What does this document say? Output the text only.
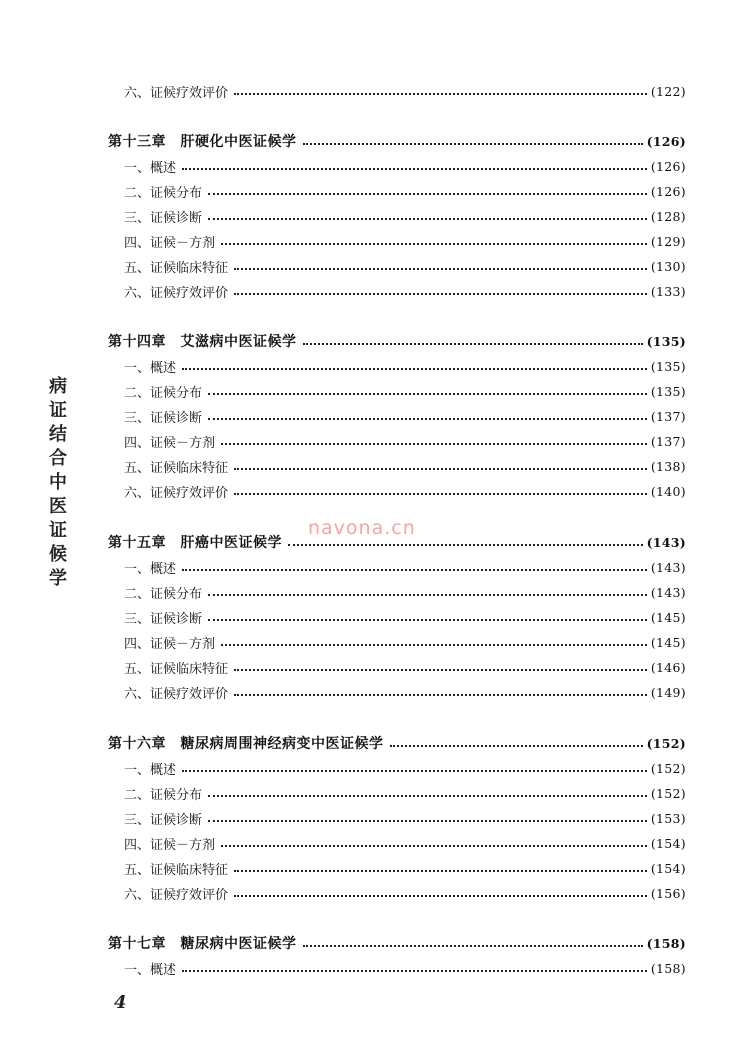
病证结合中医证候学
六、证候疗效评价	(122)
第十三章　肝硬化中医证候学	(126)
一、概述	(126)
二、证候分布	(126)
三、证候诊断	(128)
四、证候－方剂	(129)
五、证候临床特征	(130)
六、证候疗效评价	(133)
第十四章　艾滋病中医证候学	(135)
一、概述	(135)
二、证候分布	(135)
三、证候诊断	(137)
四、证候－方剂	(137)
五、证候临床特征	(138)
六、证候疗效评价	(140)
第十五章　肝癌中医证候学	(143)
一、概述	(143)
二、证候分布	(143)
三、证候诊断	(145)
四、证候－方剂	(145)
五、证候临床特征	(146)
六、证候疗效评价	(149)
第十六章　糖尿病周围神经病变中医证候学	(152)
一、概述	(152)
二、证候分布	(152)
三、证候诊断	(153)
四、证候－方剂	(154)
五、证候临床特征	(154)
六、证候疗效评价	(156)
第十七章　糖尿病中医证候学	(158)
一、概述	(158)
navona.cn
4
